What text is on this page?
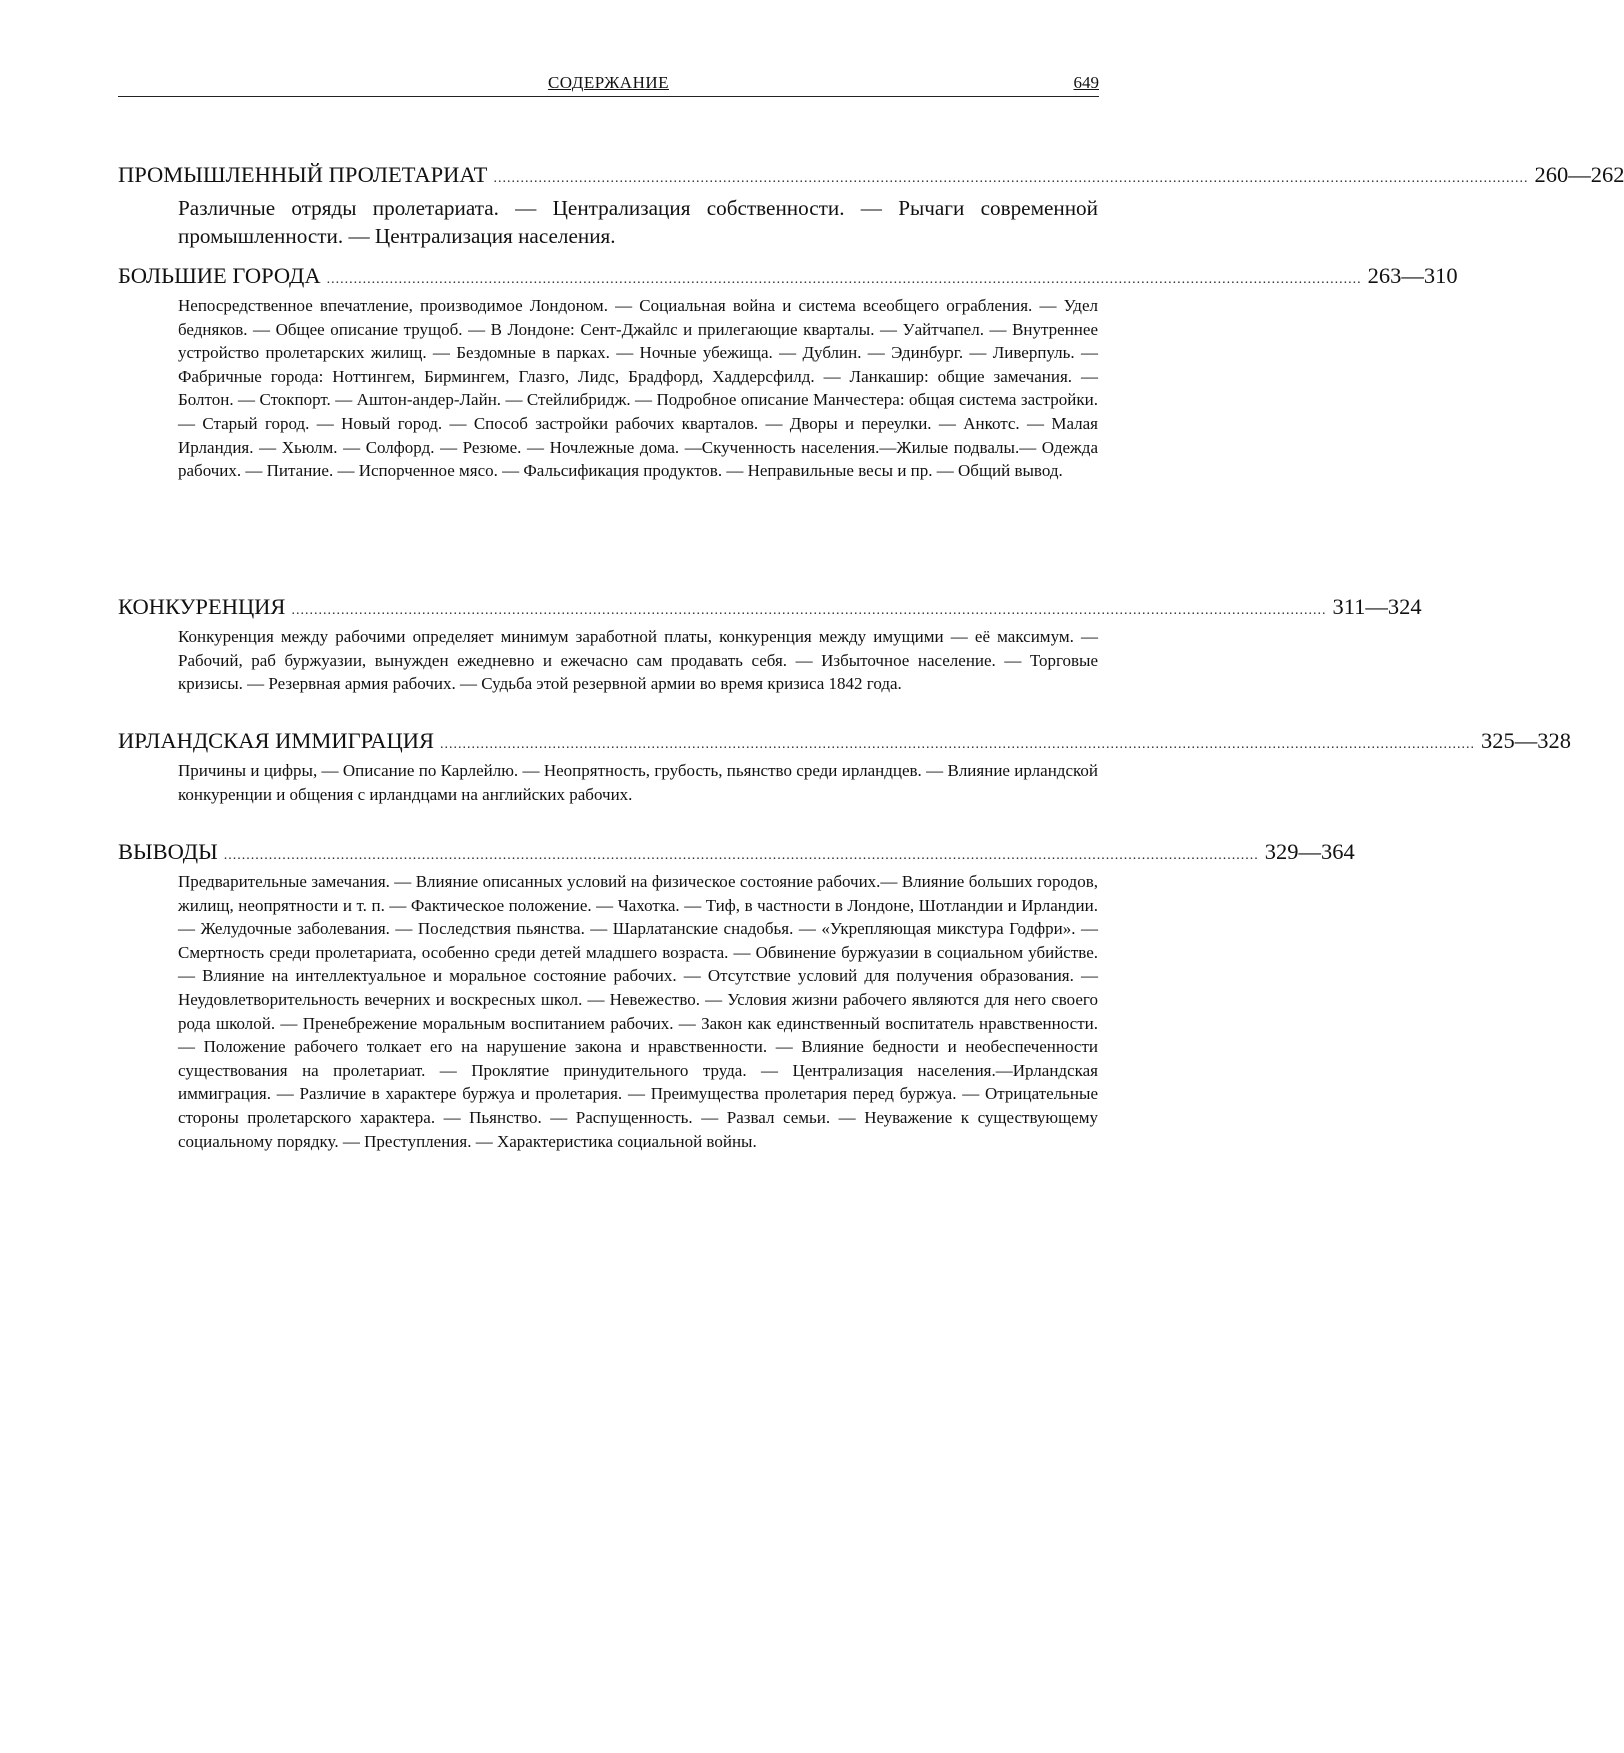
СОДЕРЖАНИЕ	649
ПРОМЫШЛЕННЫЙ ПРОЛЕТАРИАТ ...................................................................................................................................................................................................................................... 260—262
Различные отряды пролетариата. — Централизация собственности. — Рычаги современной промышленности. — Централизация населения.
БОЛЬШИЕ ГОРОДА ...................................................................................................................................................................................................................................... 263—310
Непосредственное впечатление, производимое Лондоном. — Социальная война и система всеобщего ограбления. — Удел бедняков. — Общее описание трущоб. — В Лондоне: Сент-Джайлс и прилегающие кварталы. — Уайтчапел. — Внутреннее устройство пролетарских жилищ. — Бездомные в парках. — Ночные убежища. — Дублин. — Эдинбург. — Ливерпуль. — Фабричные города: Ноттингем, Бирмингем, Глазго, Лидс, Брадфорд, Хаддерсфилд. — Ланкашир: общие замечания. — Болтон. — Стокпорт. — Аштон-андер-Лайн. — Стейлибридж. — Подробное описание Манчестера: общая система застройки. — Старый город. — Новый город. — Способ застройки рабочих кварталов. — Дворы и переулки. — Анкотс. — Малая Ирландия. — Хьюлм. — Солфорд. — Резюме. — Ночлежные дома. —Скученность населения.—Жилые подвалы.— Одежда рабочих. — Питание. — Испорченное мясо. — Фальсификация продуктов. — Неправильные весы и пр. — Общий вывод.
КОНКУРЕНЦИЯ ...................................................................................................................................................................................................................................... 311—324
Конкуренция между рабочими определяет минимум заработной платы, конкуренция между имущими — её максимум. — Рабочий, раб буржуазии, вынужден ежедневно и ежечасно сам продавать себя. — Избыточное население. — Торговые кризисы. — Резервная армия рабочих. — Судьба этой резервной армии во время кризиса 1842 года.
ИРЛАНДСКАЯ ИММИГРАЦИЯ ...................................................................................................................................................................................................................................... 325—328
Причины и цифры, — Описание по Карлейлю. — Неопрятность, грубость, пьянство среди ирландцев. — Влияние ирландской конкуренции и общения с ирландцами на английских рабочих.
ВЫВОДЫ ...................................................................................................................................................................................................................................... 329—364
Предварительные замечания. — Влияние описанных условий на физическое состояние рабочих.— Влияние больших городов, жилищ, неопрятности и т. п. — Фактическое положение. — Чахотка. — Тиф, в частности в Лондоне, Шотландии и Ирландии. — Желудочные заболевания. — Последствия пьянства. — Шарлатанские снадобья. — «Укрепляющая микстура Годфри». — Смертность среди пролетариата, особенно среди детей младшего возраста. — Обвинение буржуазии в социальном убийстве. — Влияние на интеллектуальное и моральное состояние рабочих. — Отсутствие условий для получения образования. — Неудовлетворительность вечерних и воскресных школ. — Невежество. — Условия жизни рабочего являются для него своего рода школой. — Пренебрежение моральным воспитанием рабочих. — Закон как единственный воспитатель нравственности. — Положение рабочего толкает его на нарушение закона и нравственности. — Влияние бедности и необеспеченности существования на пролетариат. — Проклятие принудительного труда. — Централизация населения.—Ирландская иммиграция. — Различие в характере буржуа и пролетария. — Преимущества пролетария перед буржуа. — Отрицательные стороны пролетарского характера. — Пьянство. — Распущенность. — Развал семьи. — Неуважение к существующему социальному порядку. — Преступления. — Характеристика социальной войны.
